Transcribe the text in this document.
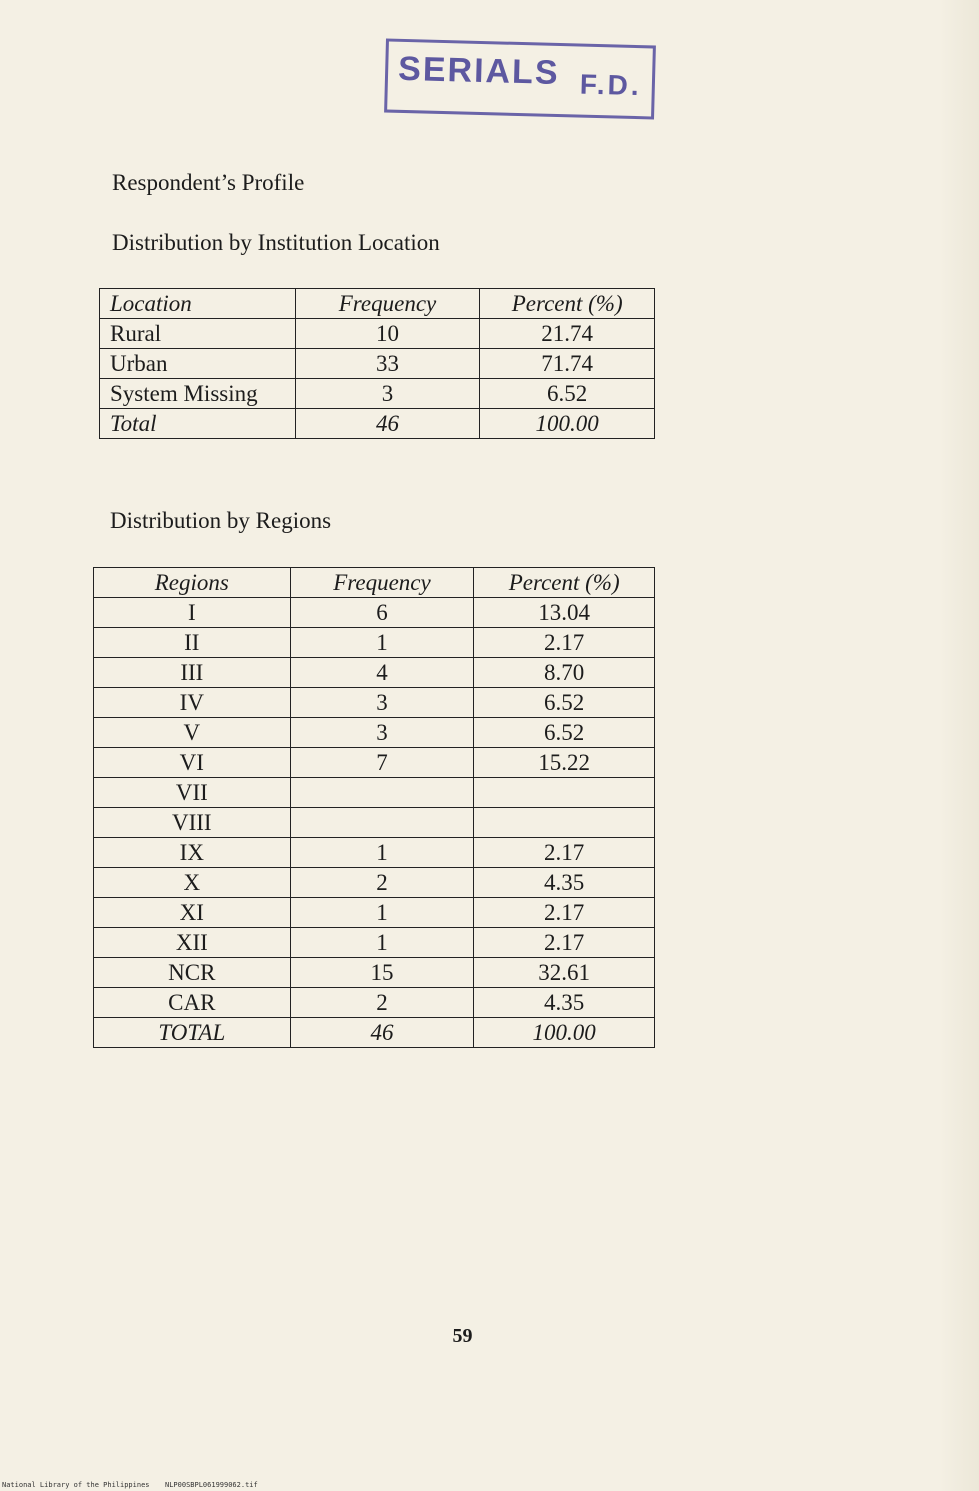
SERIALS F.D.
Respondent’s Profile
Distribution by Institution Location
Location	Frequency	Percent (%)
Rural	10	21.74
Urban	33	71.74
System Missing	3	6.52
Total	46	100.00
Distribution by Regions
Regions	Frequency	Percent (%)
I	6	13.04
II	1	2.17
III	4	8.70
IV	3	6.52
V	3	6.52
VI	7	15.22
VII		
VIII		
IX	1	2.17
X	2	4.35
XI	1	2.17
XII	1	2.17
NCR	15	32.61
CAR	2	4.35
TOTAL	46	100.00
59
National Library of the Philippines NLP00SBPL061999062.tif
